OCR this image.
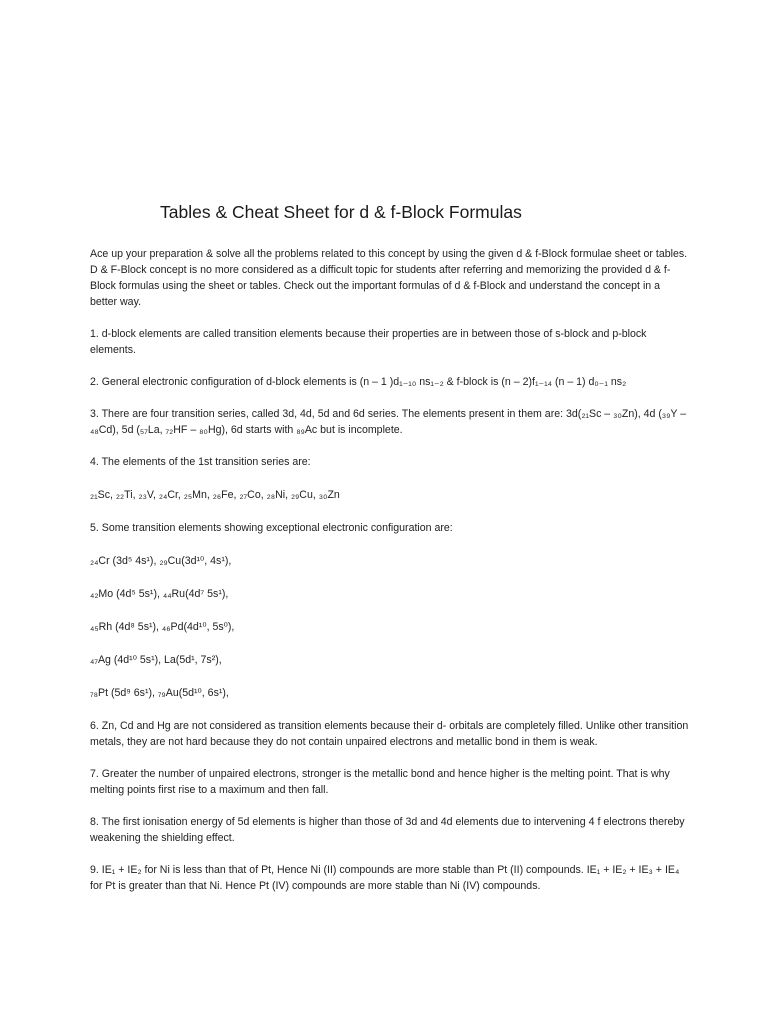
Tables & Cheat Sheet for d & f-Block Formulas

Ace up your preparation & solve all the problems related to this concept by using the given d & f-Block formulae sheet or tables. D & F-Block concept is no more considered as a difficult topic for students after referring and memorizing the provided d & f-Block formulas using the sheet or tables. Check out the important formulas of d & f-Block and understand the concept in a better way.

1. d-block elements are called transition elements because their properties are in between those of s-block and p-block elements.

2. General electronic configuration of d-block elements is (n – 1 )d₁₋₁₀ ns₁₋₂ & f-block is (n – 2)f₁₋₁₄ (n – 1) d₀₋₁ ns₂

3. There are four transition series, called 3d, 4d, 5d and 6d series. The elements present in them are: 3d(₂₁Sc – ₃₀Zn), 4d (₃₉Y – ₄₈Cd), 5d (₅₇La, ₇₂HF – ₈₀Hg), 6d starts with ₈₉Ac but is incomplete.

4. The elements of the 1st transition series are:

₂₁Sc, ₂₂Ti, ₂₃V, ₂₄Cr, ₂₅Mn, ₂₆Fe, ₂₇Co, ₂₈Ni, ₂₉Cu, ₃₀Zn

5. Some transition elements showing exceptional electronic configuration are:

₂₄Cr (3d⁵ 4s¹), ₂₉Cu(3d¹⁰, 4s¹),

₄₂Mo (4d⁵ 5s¹), ₄₄Ru(4d⁷ 5s¹),

₄₅Rh (4d⁸ 5s¹), ₄₆Pd(4d¹⁰, 5s⁰),

₄₇Ag (4d¹⁰ 5s¹), La(5d¹, 7s²),

₇₈Pt (5d⁹ 6s¹), ₇₉Au(5d¹⁰, 6s¹),

6. Zn, Cd and Hg are not considered as transition elements because their d- orbitals are completely filled. Unlike other transition metals, they are not hard because they do not contain unpaired electrons and metallic bond in them is weak.

7. Greater the number of unpaired electrons, stronger is the metallic bond and hence higher is the melting point. That is why melting points first rise to a maximum and then fall.

8. The first ionisation energy of 5d elements is higher than those of 3d and 4d elements due to intervening 4 f electrons thereby weakening the shielding effect.

9. IE₁ + IE₂ for Ni is less than that of Pt, Hence Ni (II) compounds are more stable than Pt (II) compounds. IE₁ + IE₂ + IE₃ + IE₄ for Pt is greater than that Ni. Hence Pt (IV) compounds are more stable than Ni (IV) compounds.
